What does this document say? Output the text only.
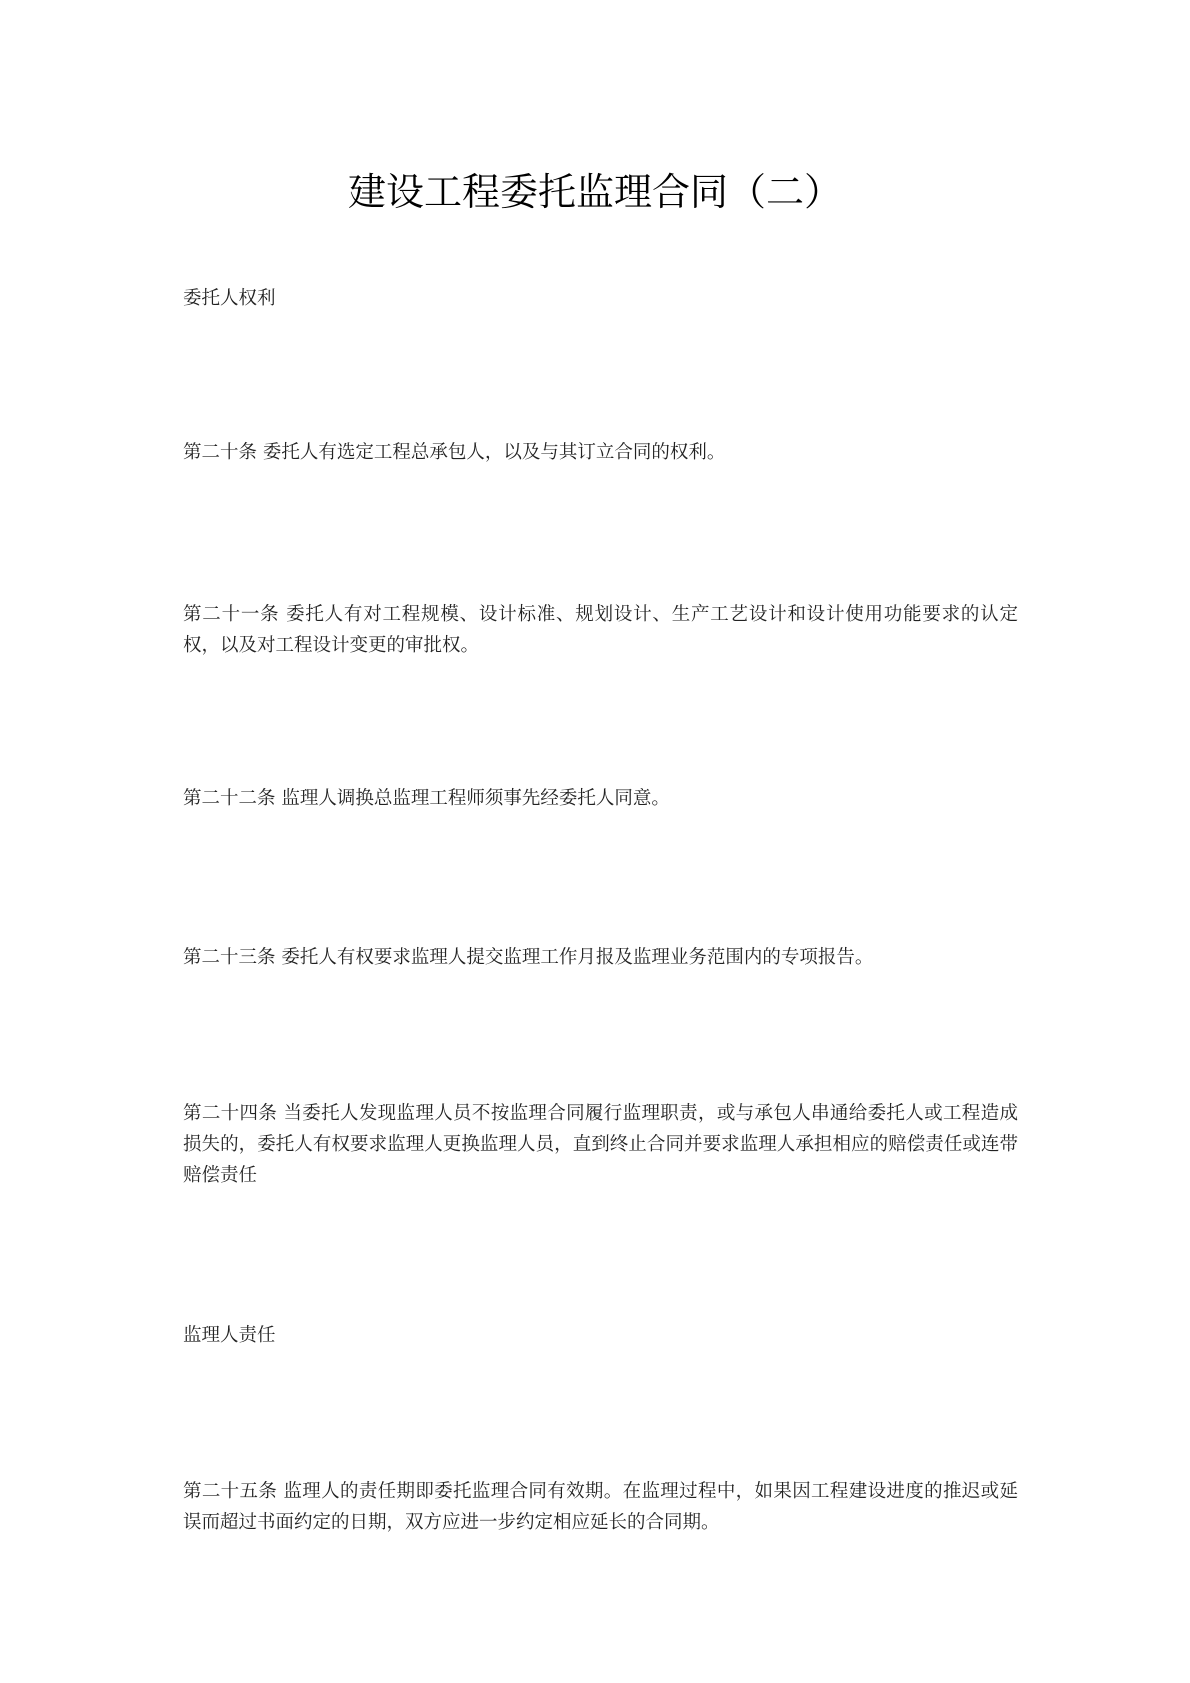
建设工程委托监理合同（二）
委托人权利
第二十条 委托人有选定工程总承包人，以及与其订立合同的权利。
第二十一条 委托人有对工程规模、设计标准、规划设计、生产工艺设计和设计使用功能要求的认定权，以及对工程设计变更的审批权。
第二十二条 监理人调换总监理工程师须事先经委托人同意。
第二十三条 委托人有权要求监理人提交监理工作月报及监理业务范围内的专项报告。
第二十四条 当委托人发现监理人员不按监理合同履行监理职责，或与承包人串通给委托人或工程造成损失的，委托人有权要求监理人更换监理人员，直到终止合同并要求监理人承担相应的赔偿责任或连带赔偿责任
监理人责任
第二十五条 监理人的责任期即委托监理合同有效期。在监理过程中，如果因工程建设进度的推迟或延误而超过书面约定的日期，双方应进一步约定相应延长的合同期。
